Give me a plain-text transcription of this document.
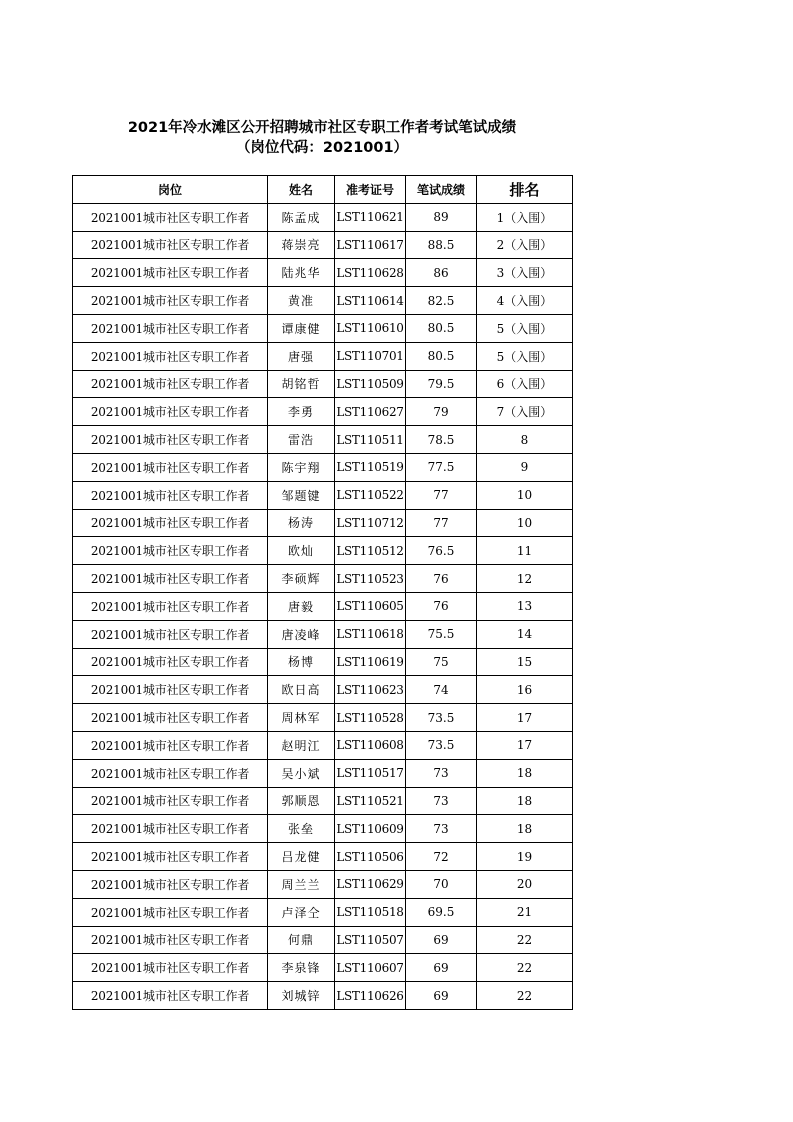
2021年冷水滩区公开招聘城市社区专职工作者考试笔试成绩
（岗位代码：2021001）
岗位	姓名	准考证号	笔试成绩	排名
2021001城市社区专职工作者	陈孟成	LST110621	89	1（入围）
2021001城市社区专职工作者	蒋崇亮	LST110617	88.5	2（入围）
2021001城市社区专职工作者	陆兆华	LST110628	86	3（入围）
2021001城市社区专职工作者	黄准	LST110614	82.5	4（入围）
2021001城市社区专职工作者	谭康健	LST110610	80.5	5（入围）
2021001城市社区专职工作者	唐强	LST110701	80.5	5（入围）
2021001城市社区专职工作者	胡铭哲	LST110509	79.5	6（入围）
2021001城市社区专职工作者	李勇	LST110627	79	7（入围）
2021001城市社区专职工作者	雷浩	LST110511	78.5	8
2021001城市社区专职工作者	陈宇翔	LST110519	77.5	9
2021001城市社区专职工作者	邹题键	LST110522	77	10
2021001城市社区专职工作者	杨涛	LST110712	77	10
2021001城市社区专职工作者	欧灿	LST110512	76.5	11
2021001城市社区专职工作者	李硕辉	LST110523	76	12
2021001城市社区专职工作者	唐毅	LST110605	76	13
2021001城市社区专职工作者	唐凌峰	LST110618	75.5	14
2021001城市社区专职工作者	杨博	LST110619	75	15
2021001城市社区专职工作者	欧日高	LST110623	74	16
2021001城市社区专职工作者	周林军	LST110528	73.5	17
2021001城市社区专职工作者	赵明江	LST110608	73.5	17
2021001城市社区专职工作者	吴小斌	LST110517	73	18
2021001城市社区专职工作者	郭顺恩	LST110521	73	18
2021001城市社区专职工作者	张垒	LST110609	73	18
2021001城市社区专职工作者	吕龙健	LST110506	72	19
2021001城市社区专职工作者	周兰兰	LST110629	70	20
2021001城市社区专职工作者	卢泽仝	LST110518	69.5	21
2021001城市社区专职工作者	何鼎	LST110507	69	22
2021001城市社区专职工作者	李泉锋	LST110607	69	22
2021001城市社区专职工作者	刘城锌	LST110626	69	22
